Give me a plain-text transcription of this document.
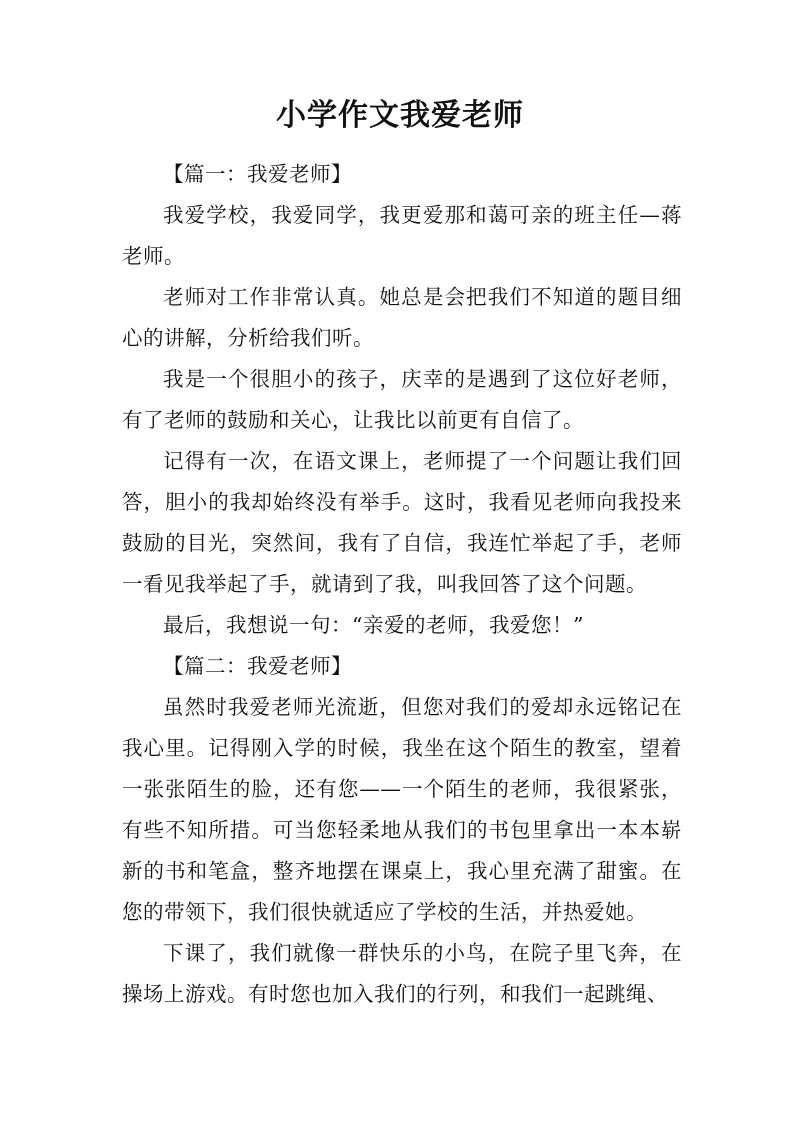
小学作文我爱老师

【篇一：我爱老师】

我爱学校，我爱同学，我更爱那和蔼可亲的班主任—蒋老师。

老师对工作非常认真。她总是会把我们不知道的题目细心的讲解，分析给我们听。

我是一个很胆小的孩子，庆幸的是遇到了这位好老师，有了老师的鼓励和关心，让我比以前更有自信了。

记得有一次，在语文课上，老师提了一个问题让我们回答，胆小的我却始终没有举手。这时，我看见老师向我投来鼓励的目光，突然间，我有了自信，我连忙举起了手，老师一看见我举起了手，就请到了我，叫我回答了这个问题。

最后，我想说一句：“亲爱的老师，我爱您！”

【篇二：我爱老师】

虽然时我爱老师光流逝，但您对我们的爱却永远铭记在我心里。记得刚入学的时候，我坐在这个陌生的教室，望着一张张陌生的脸，还有您——一个陌生的老师，我很紧张，有些不知所措。可当您轻柔地从我们的书包里拿出一本本崭新的书和笔盒，整齐地摆在课桌上，我心里充满了甜蜜。在您的带领下，我们很快就适应了学校的生活，并热爱她。

下课了，我们就像一群快乐的小鸟，在院子里飞奔，在操场上游戏。有时您也加入我们的行列，和我们一起跳绳、
